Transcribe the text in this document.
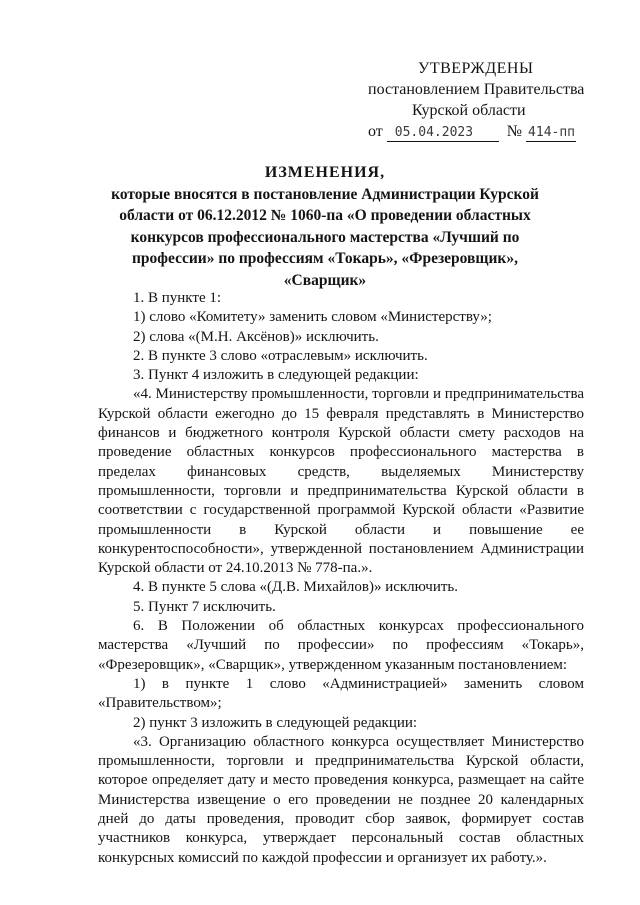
УТВЕРЖДЕНЫ
постановлением Правительства
Курской области
от 05.04.2023 № 414-пп
ИЗМЕНЕНИЯ,
которые вносятся в постановление Администрации Курской области от 06.12.2012 № 1060-па «О проведении областных конкурсов профессионального мастерства «Лучший по профессии» по профессиям «Токарь», «Фрезеровщик», «Сварщик»

1. В пункте 1:

1) слово «Комитету» заменить словом «Министерству»;

2) слова «(М.Н. Аксёнов)» исключить.

2. В пункте 3 слово «отраслевым» исключить.

3. Пункт 4 изложить в следующей редакции:

«4. Министерству промышленности, торговли и предпринимательства Курской области ежегодно до 15 февраля представлять в Министерство финансов и бюджетного контроля Курской области смету расходов на проведение областных конкурсов профессионального мастерства в пределах финансовых средств, выделяемых Министерству промышленности, торговли и предпринимательства Курской области в соответствии с государственной программой Курской области «Развитие промышленности в Курской области и повышение ее конкурентоспособности», утвержденной постановлением Администрации Курской области от 24.10.2013 № 778-па.».

4. В пункте 5 слова «(Д.В. Михайлов)» исключить.

5. Пункт 7 исключить.

6. В Положении об областных конкурсах профессионального мастерства «Лучший по профессии» по профессиям «Токарь», «Фрезеровщик», «Сварщик», утвержденном указанным постановлением:

1) в пункте 1 слово «Администрацией» заменить словом «Правительством»;

2) пункт 3 изложить в следующей редакции:

«3. Организацию областного конкурса осуществляет Министерство промышленности, торговли и предпринимательства Курской области, которое определяет дату и место проведения конкурса, размещает на сайте Министерства извещение о его проведении не позднее 20 календарных дней до даты проведения, проводит сбор заявок, формирует состав участников конкурса, утверждает персональный состав областных конкурсных комиссий по каждой профессии и организует их работу.».
